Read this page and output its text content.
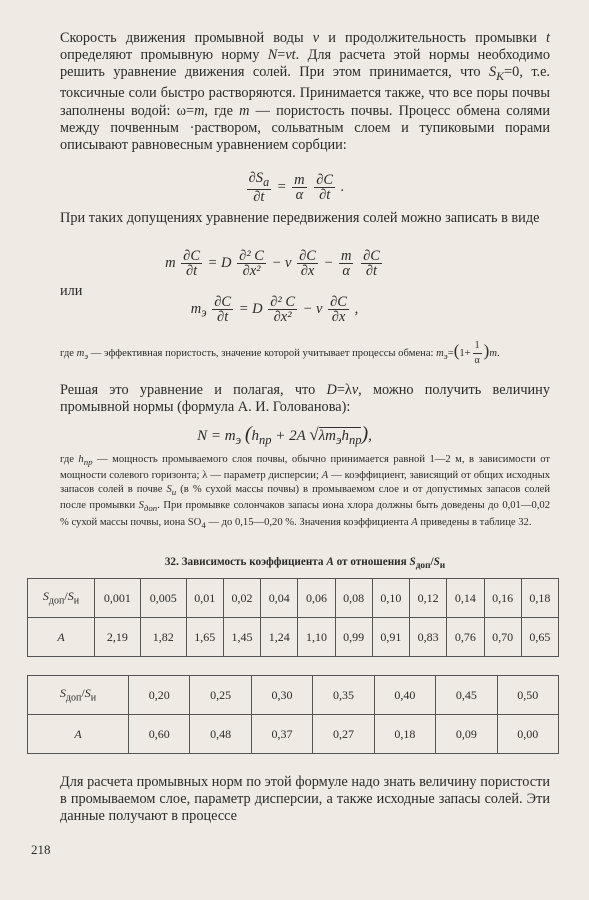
Скорость движения промывной воды v и продолжительность промывки t определяют промывную норму N=vt. Для расчета этой нормы необходимо решить уравнение движения солей. При этом принимается, что $S_K=0$, т.е. токсичные соли быстро растворяются. Принимается также, что все поры почвы заполнены водой: ω=m, где m — пористость почвы. Процесс обмена солями между почвенным ·раствором, сольватным слоем и тупиковыми порами описывают равновесным уравнением сорбции:

$\frac{\partial S_a}{\partial t} = \frac{m}{\alpha}$
$\frac{\partial C}{\partial t}$ .

При таких допущениях уравнение передвижения солей можно записать в виде

m $\frac{\partial C}{\partial t} = D \frac{\text{∂² C}}{\text{∂x²}} - v \frac{\partial C}{\partial x} - \frac{m}{\alpha}$
$\frac{\partial C}{\partial t}$

или

$m_э \frac{\partial C}{\partial t} = D \frac{\text{∂² C}}{\text{∂x²}} - v \frac{\partial C}{\partial x}$ ,

где $m_э$ — эффективная пористость, значение которой учитывает процессы обмена: $m_э=(1+ \frac{1}{\alpha} )m$.

Решая это уравнение и полагая, что D=λv, можно получить величину промывной нормы (формула А. И. Голованова):

$N = m_э$ ($h_{пр} + 2A$ $√\lambda m_эh_{пр}$),

где $h_{пр}$ — мощность промываемого слоя почвы, обычно принимается равной 1—2 м, в зависимости от мощности солевого горизонта; λ — параметр дисперсии; A — коэффициент, зависящий от общих исходных запасов солей в почве $S_и$ (в % сухой массы почвы) в промываемом слое и от допустимых запасов солей после промывки $S_{доп}$. При промывке солончаков запасы иона хлора должны быть доведены до 0,01—0,02 % сухой массы почвы, иона $SO_4$ — до 0,15—0,20 %. Значения коэффициента A приведены в таблице 32.

32. Зависимость коэффициента A от отношения $S_{доп}/S_и$
$S_{доп}/S_и$	0,001	0,005	0,01	0,02	0,04	0,06	0,08	0,10	0,12	0,14	0,16	0,18
A	2,19	1,82	1,65	1,45	1,24	1,10	0,99	0,91	0,83	0,76	0,70	0,65
$S_{доп}/S_и$	0,20	0,25	0,30	0,35	0,40	0,45	0,50
A	0,60	0,48	0,37	0,27	0,18	0,09	0,00

Для расчета промывных норм по этой формуле надо знать величину пористости в промываемом слое, параметр дисперсии, а также исходные запасы солей. Эти данные получают в процессе

218
